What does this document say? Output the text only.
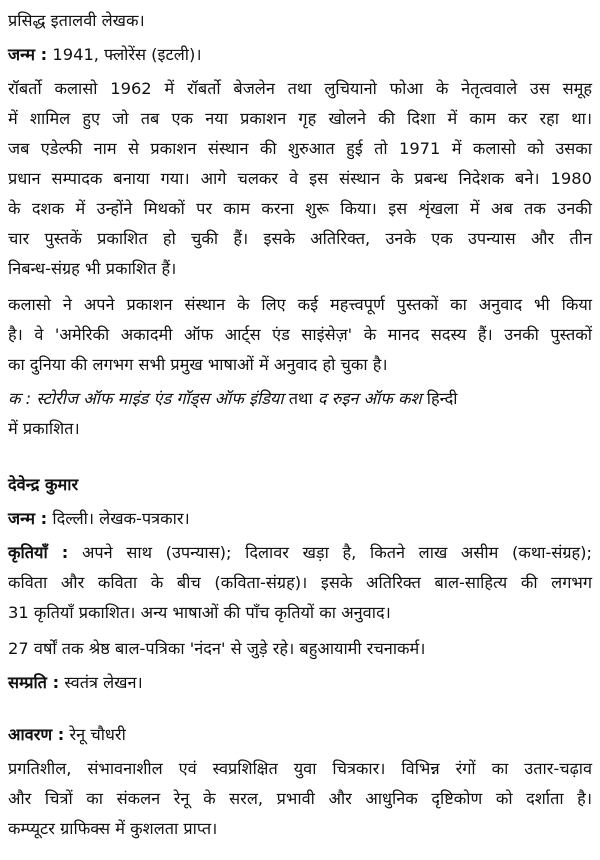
प्रसिद्ध इतालवी लेखक।

जन्म : 1941, फ्लोरेंस (इटली)।

रॉबर्तो कलासो 1962 में रॉबर्तो बेजलेन तथा लुचियानो फोआ के नेतृत्ववाले उस समूह

में शामिल हुए जो तब एक नया प्रकाशन गृह खोलने की दिशा में काम कर रहा था।

जब एडेल्फी नाम से प्रकाशन संस्थान की शुरुआत हुई तो 1971 में कलासो को उसका

प्रधान सम्पादक बनाया गया। आगे चलकर वे इस संस्थान के प्रबन्ध निदेशक बने। 1980

के दशक में उन्होंने मिथकों पर काम करना शुरू किया। इस शृंखला में अब तक उनकी

चार पुस्तकें प्रकाशित हो चुकी हैं। इसके अतिरिक्त, उनके एक उपन्यास और तीन

निबन्ध-संग्रह भी प्रकाशित हैं।

कलासो ने अपने प्रकाशन संस्थान के लिए कई महत्त्वपूर्ण पुस्तकों का अनुवाद भी किया

है। वे 'अमेरिकी अकादमी ऑफ आर्ट्स एंड साइंसेज़' के मानद सदस्य हैं। उनकी पुस्तकों

का दुनिया की लगभग सभी प्रमुख भाषाओं में अनुवाद हो चुका है।

क : स्टोरीज ऑफ माइंड एंड गॉड्स ऑफ इंडिया तथा द रुइन ऑफ कश हिन्दी

में प्रकाशित।

देवेन्द्र कुमार

जन्म : दिल्ली। लेखक-पत्रकार।

कृतियाँ : अपने साथ (उपन्यास); दिलावर खड़ा है, कितने लाख असीम (कथा-संग्रह);

कविता और कविता के बीच (कविता-संग्रह)। इसके अतिरिक्त बाल-साहित्य की लगभग

31 कृतियाँ प्रकाशित। अन्य भाषाओं की पाँच कृतियों का अनुवाद।

27 वर्षों तक श्रेष्ठ बाल-पत्रिका 'नंदन' से जुड़े रहे। बहुआयामी रचनाकर्म।

सम्प्रति : स्वतंत्र लेखन।

आवरण : रेनू चौधरी

प्रगतिशील, संभावनाशील एवं स्वप्रशिक्षित युवा चित्रकार। विभिन्न रंगों का उतार-चढ़ाव

और चित्रों का संकलन रेनू के सरल, प्रभावी और आधुनिक दृष्टिकोण को दर्शाता है।

कम्प्यूटर ग्राफिक्स में कुशलता प्राप्त।
